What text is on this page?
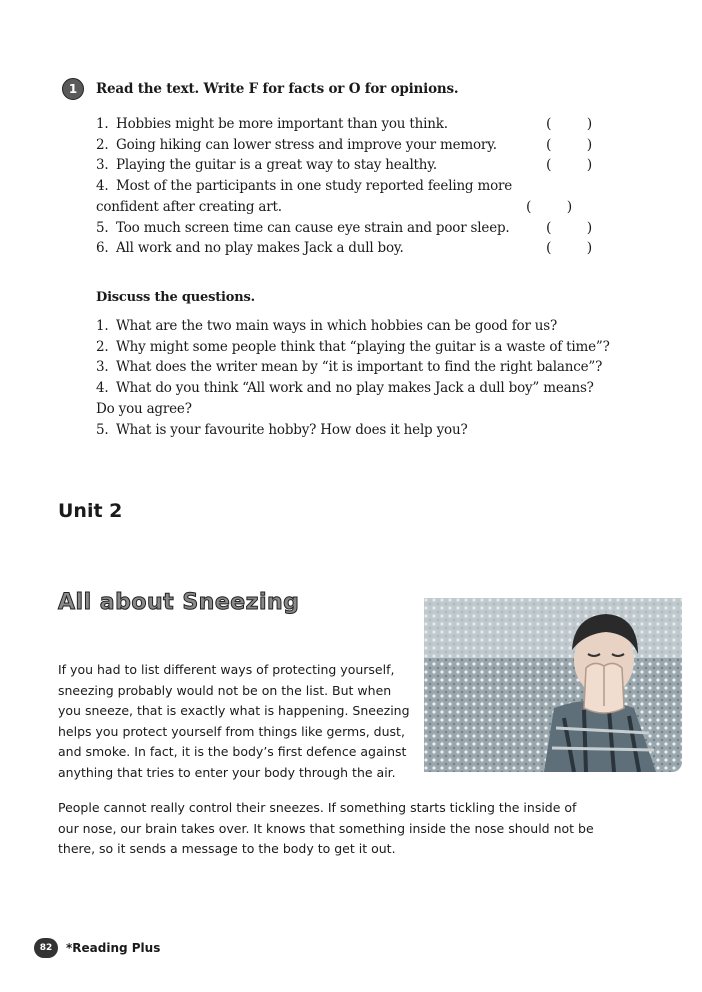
1	Read the text. Write F for facts or O for opinions.
1. Hobbies might be more important than you think.	(	)
2. Going hiking can lower stress and improve your memory.	(	)
3. Playing the guitar is a great way to stay healthy.	(	)
4. Most of the participants in one study reported feeling more
confident after creating art.	(	)
5. Too much screen time can cause eye strain and poor sleep.	(	)
6. All work and no play makes Jack a dull boy.	(	)
Discuss the questions.
1. What are the two main ways in which hobbies can be good for us?
2. Why might some people think that “playing the guitar is a waste of time”?
3. What does the writer mean by “it is important to find the right balance”?
4. What do you think “All work and no play makes Jack a dull boy” means?
Do you agree?
5. What is your favourite hobby? How does it help you?
Unit 2
All about Sneezing
If you had to list different ways of protecting yourself,
sneezing probably would not be on the list. But when
you sneeze, that is exactly what is happening. Sneezing
helps you protect yourself from things like germs, dust,
and smoke. In fact, it is the body’s first defence against
anything that tries to enter your body through the air.
People cannot really control their sneezes. If something starts tickling the inside of
our nose, our brain takes over. It knows that something inside the nose should not be
there, so it sends a message to the body to get it out.
82	*Reading Plus
